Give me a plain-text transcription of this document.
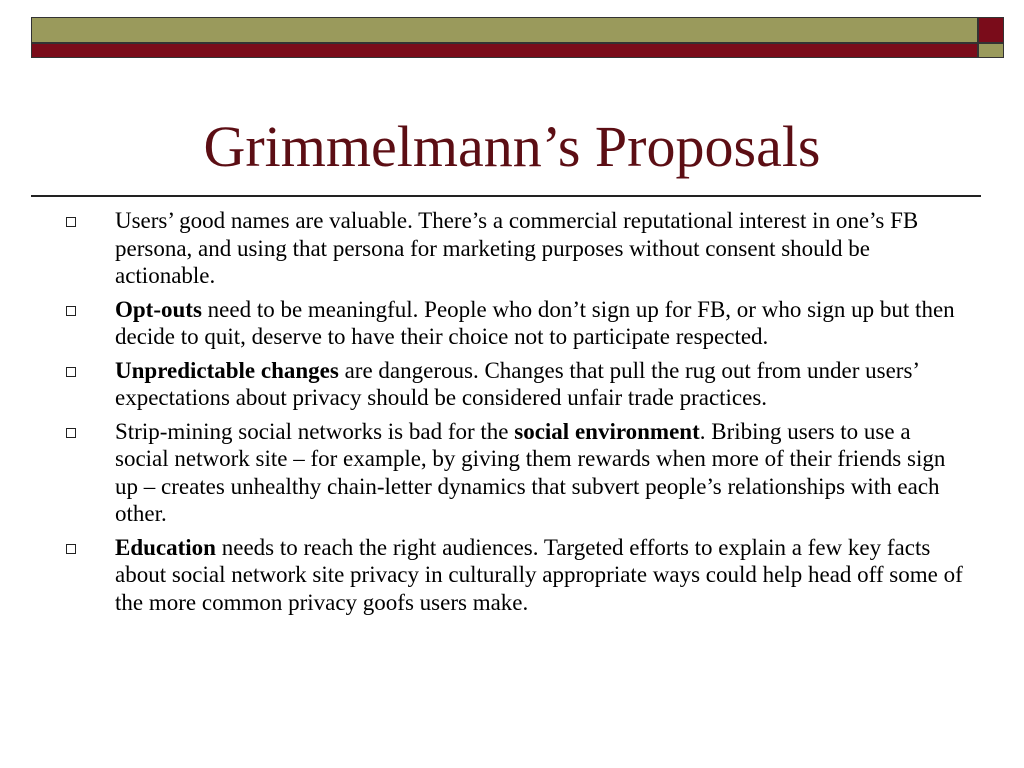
Grimmelmann’s Proposals
Users’ good names are valuable. There’s a commercial reputational interest in one’s FB persona, and using that persona for marketing purposes without consent should be actionable.
Opt-outs need to be meaningful. People who don’t sign up for FB, or who sign up but then decide to quit, deserve to have their choice not to participate respected.
Unpredictable changes are dangerous. Changes that pull the rug out from under users’ expectations about privacy should be considered unfair trade practices.
Strip-mining social networks is bad for the social environment. Bribing users to use a social network site – for example, by giving them rewards when more of their friends sign up – creates unhealthy chain-letter dynamics that subvert people’s relationships with each other.
Education needs to reach the right audiences. Targeted efforts to explain a few key facts about social network site privacy in culturally appropriate ways could help head off some of the more common privacy goofs users make.
